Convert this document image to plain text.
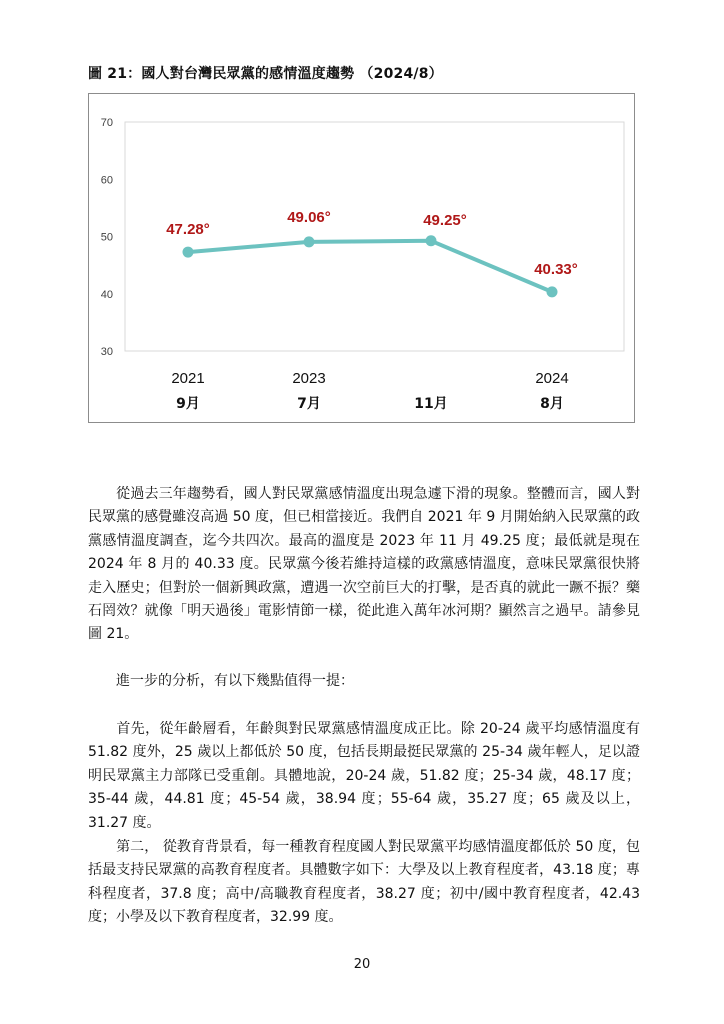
圖 21：國人對台灣民眾黨的感情溫度趨勢 （2024/8）
70
60
50
40
30
47.28°
49.06°	49.25°
40.33°
2021
9月
2023
7月	11月
2024
8月

從過去三年趨勢看，國人對民眾黨感情溫度出現急遽下滑的現象。整體而言，國人對民眾黨的感覺雖沒高過 50 度，但已相當接近。我們自 2021 年 9 月開始納入民眾黨的政黨感情溫度調查，迄今共四次。最高的溫度是 2023 年 11 月 49.25 度；最低就是現在 2024 年 8 月的 40.33 度。民眾黨今後若維持這樣的政黨感情溫度，意味民眾黨很快將走入歷史；但對於一個新興政黨，遭遇一次空前巨大的打擊，是否真的就此一蹶不振？藥石罔效？就像「明天過後」電影情節一樣，從此進入萬年冰河期？顯然言之過早。請參見圖 21。

進一步的分析，有以下幾點值得一提：

首先，從年齡層看，年齡與對民眾黨感情溫度成正比。除 20-24 歲平均感情溫度有 51.82 度外，25 歲以上都低於 50 度，包括長期最挺民眾黨的 25-34 歲年輕人，足以證明民眾黨主力部隊已受重創。具體地說，20-24 歲，51.82 度；25-34 歲，48.17 度；35-44 歲，44.81 度；45-54 歲，38.94 度；55-64 歲，35.27 度；65 歲及以上，31.27 度。

第二， 從教育背景看，每一種教育程度國人對民眾黨平均感情溫度都低於 50 度，包括最支持民眾黨的高教育程度者。具體數字如下：大學及以上教育程度者，43.18 度；專科程度者，37.8 度；高中/高職教育程度者，38.27 度；初中/國中教育程度者，42.43 度；小學及以下教育程度者，32.99 度。

20
